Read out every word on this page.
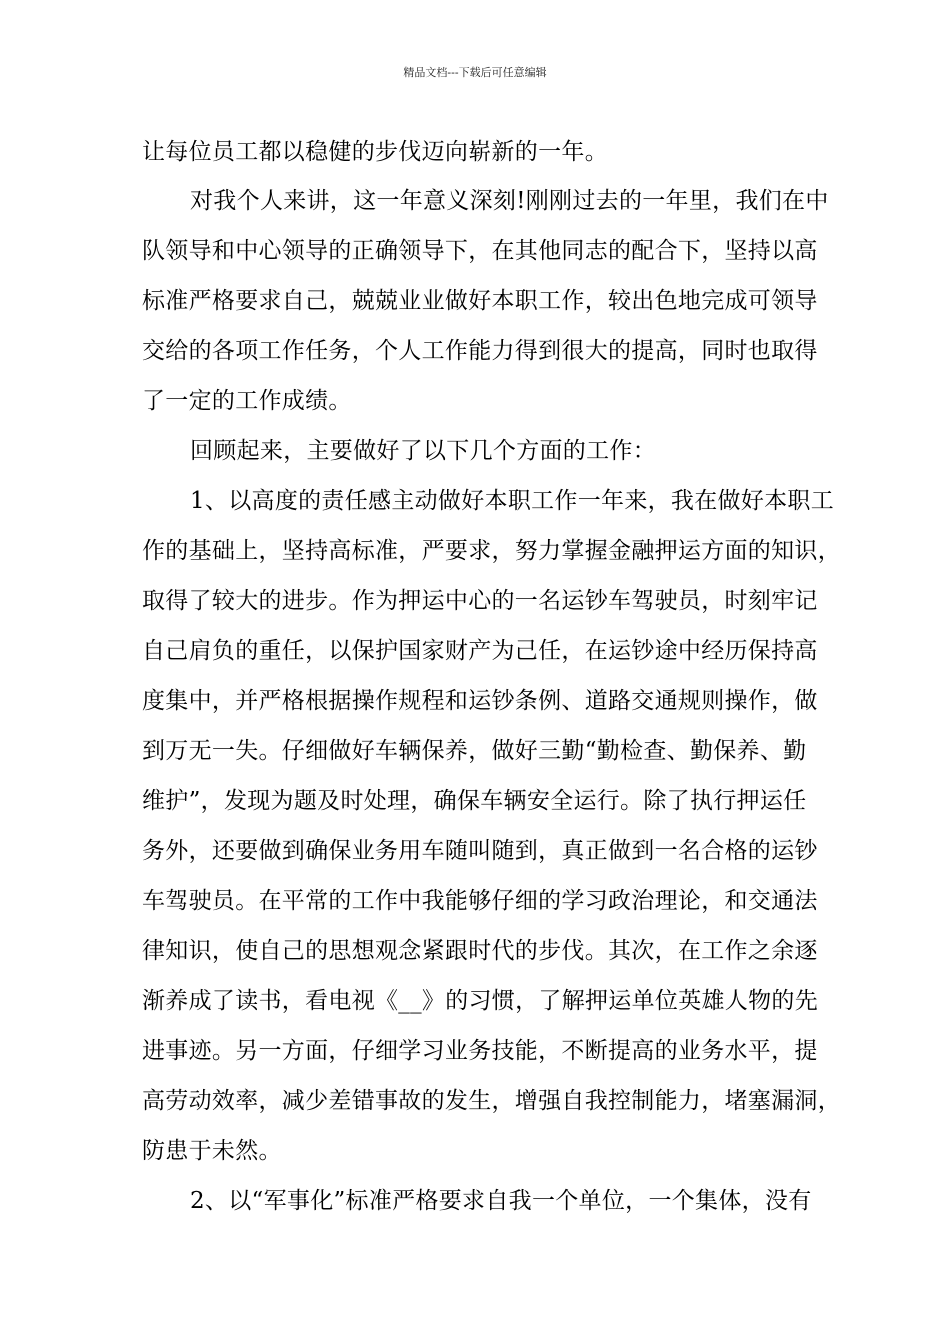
精品文档---下载后可任意编辑
让每位员工都以稳健的步伐迈向崭新的一年。
对我个人来讲，这一年意义深刻!刚刚过去的一年里，我们在中
队领导和中心领导的正确领导下，在其他同志的配合下，坚持以高
标准严格要求自己，兢兢业业做好本职工作，较出色地完成可领导
交给的各项工作任务，个人工作能力得到很大的提高，同时也取得
了一定的工作成绩。
回顾起来，主要做好了以下几个方面的工作：
1、以高度的责任感主动做好本职工作一年来，我在做好本职工
作的基础上，坚持高标准，严要求，努力掌握金融押运方面的知识，
取得了较大的进步。作为押运中心的一名运钞车驾驶员，时刻牢记
自己肩负的重任，以保护国家财产为己任，在运钞途中经历保持高
度集中，并严格根据操作规程和运钞条例、道路交通规则操作，做
到万无一失。仔细做好车辆保养，做好三勤“勤检查、勤保养、勤
维护”，发现为题及时处理，确保车辆安全运行。除了执行押运任
务外，还要做到确保业务用车随叫随到，真正做到一名合格的运钞
车驾驶员。在平常的工作中我能够仔细的学习政治理论，和交通法
律知识，使自己的思想观念紧跟时代的步伐。其次，在工作之余逐
渐养成了读书，看电视《__》的习惯，了解押运单位英雄人物的先
进事迹。另一方面，仔细学习业务技能，不断提高的业务水平，提
高劳动效率，减少差错事故的发生，增强自我控制能力，堵塞漏洞，
防患于未然。
2、以“军事化”标准严格要求自我一个单位，一个集体，没有
